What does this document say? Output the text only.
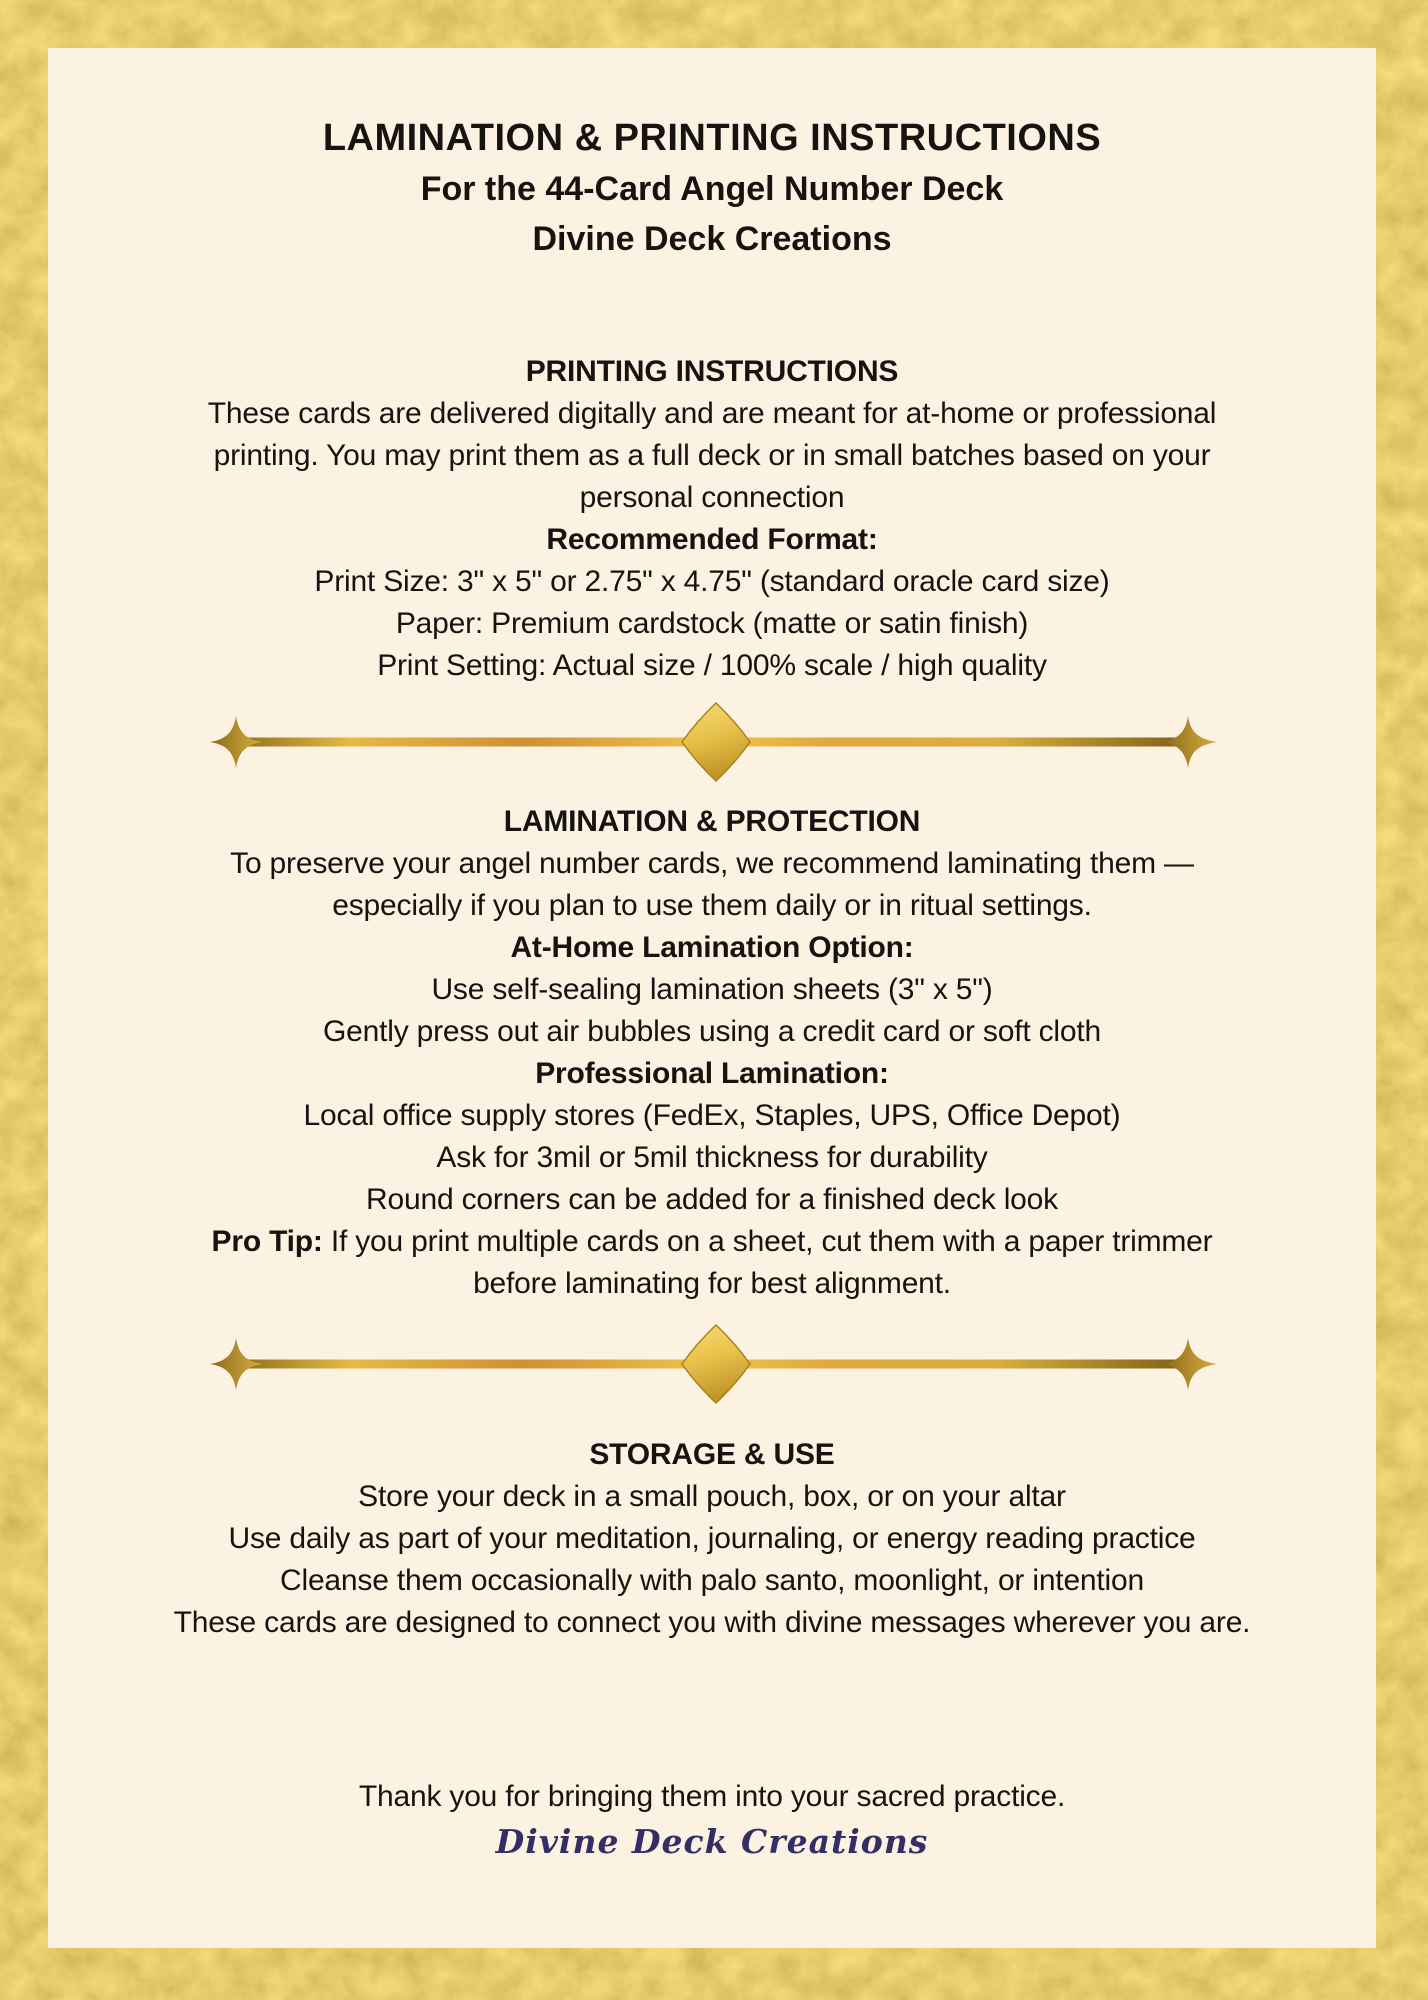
LAMINATION & PRINTING INSTRUCTIONS
For the 44-Card Angel Number Deck
Divine Deck Creations
PRINTING INSTRUCTIONS
These cards are delivered digitally and are meant for at-home or professional
printing. You may print them as a full deck or in small batches based on your
personal connection
Recommended Format:
Print Size: 3" x 5" or 2.75" x 4.75" (standard oracle card size)
Paper: Premium cardstock (matte or satin finish)
Print Setting: Actual size / 100% scale / high quality
LAMINATION & PROTECTION
To preserve your angel number cards, we recommend laminating them —
especially if you plan to use them daily or in ritual settings.
At-Home Lamination Option:
Use self-sealing lamination sheets (3" x 5")
Gently press out air bubbles using a credit card or soft cloth
Professional Lamination:
Local office supply stores (FedEx, Staples, UPS, Office Depot)
Ask for 3mil or 5mil thickness for durability
Round corners can be added for a finished deck look
Pro Tip: If you print multiple cards on a sheet, cut them with a paper trimmer
before laminating for best alignment.
STORAGE & USE
Store your deck in a small pouch, box, or on your altar
Use daily as part of your meditation, journaling, or energy reading practice
Cleanse them occasionally with palo santo, moonlight, or intention
These cards are designed to connect you with divine messages wherever you are.
Thank you for bringing them into your sacred practice.
Divine Deck Creations
